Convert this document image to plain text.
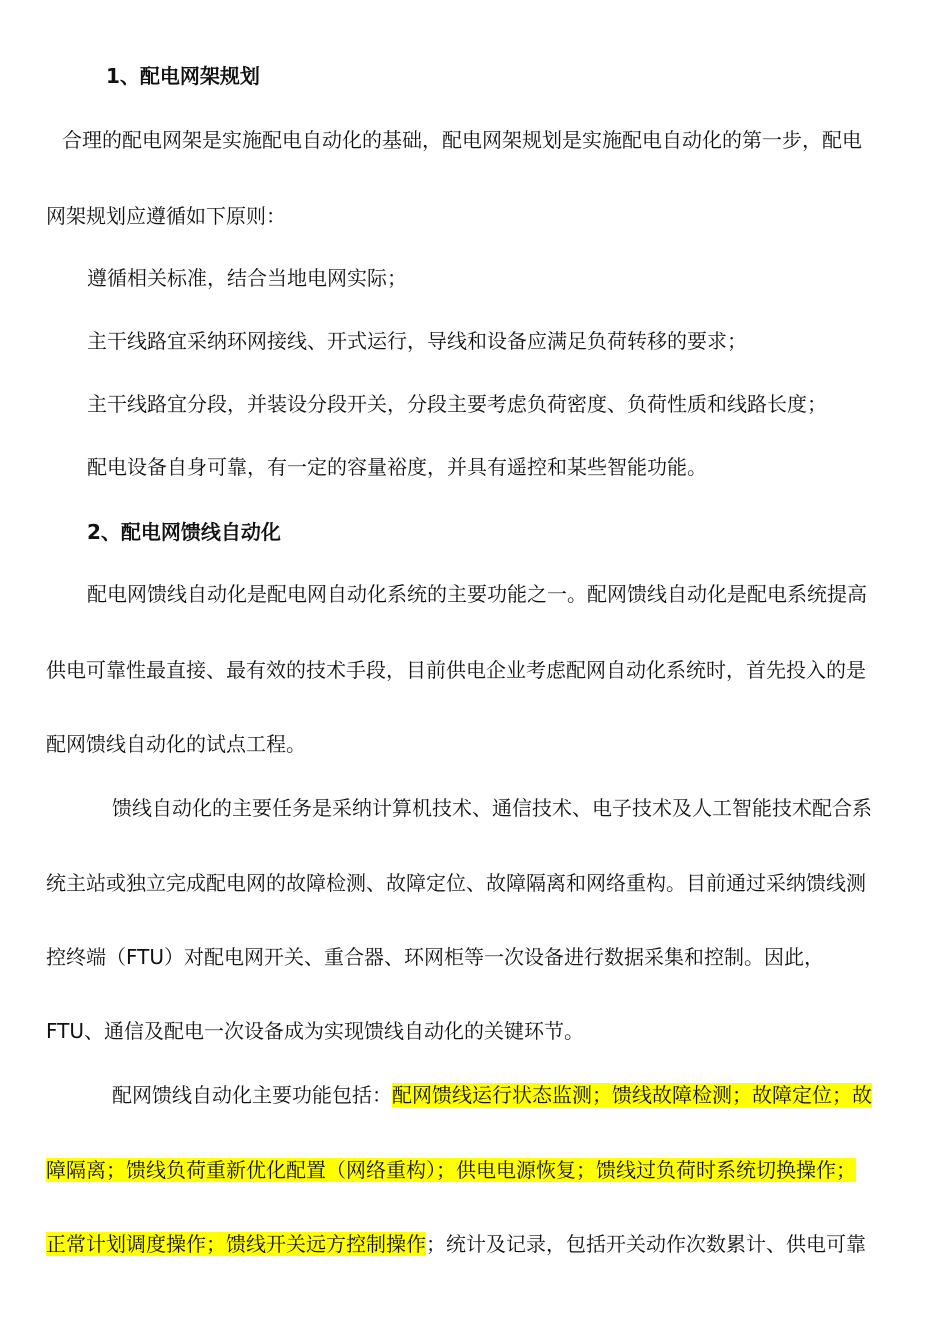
1、配电网架规划
合理的配电网架是实施配电自动化的基础，配电网架规划是实施配电自动化的第一步，配电
网架规划应遵循如下原则：
遵循相关标准，结合当地电网实际；
主干线路宜采纳环网接线、开式运行，导线和设备应满足负荷转移的要求；
主干线路宜分段，并装设分段开关，分段主要考虑负荷密度、负荷性质和线路长度；
配电设备自身可靠，有一定的容量裕度，并具有遥控和某些智能功能。
2、配电网馈线自动化
配电网馈线自动化是配电网自动化系统的主要功能之一。配网馈线自动化是配电系统提高
供电可靠性最直接、最有效的技术手段，目前供电企业考虑配网自动化系统时，首先投入的是
配网馈线自动化的试点工程。
馈线自动化的主要任务是采纳计算机技术、通信技术、电子技术及人工智能技术配合系
统主站或独立完成配电网的故障检测、故障定位、故障隔离和网络重构。目前通过采纳馈线测
控终端（FTU）对配电网开关、重合器、环网柜等一次设备进行数据采集和控制。因此，
FTU、通信及配电一次设备成为实现馈线自动化的关键环节。
配网馈线自动化主要功能包括：配网馈线运行状态监测；馈线故障检测；故障定位；故
障隔离；馈线负荷重新优化配置（网络重构）；供电电源恢复；馈线过负荷时系统切换操作；
正常计划调度操作；馈线开关远方控制操作；统计及记录，包括开关动作次数累计、供电可靠
